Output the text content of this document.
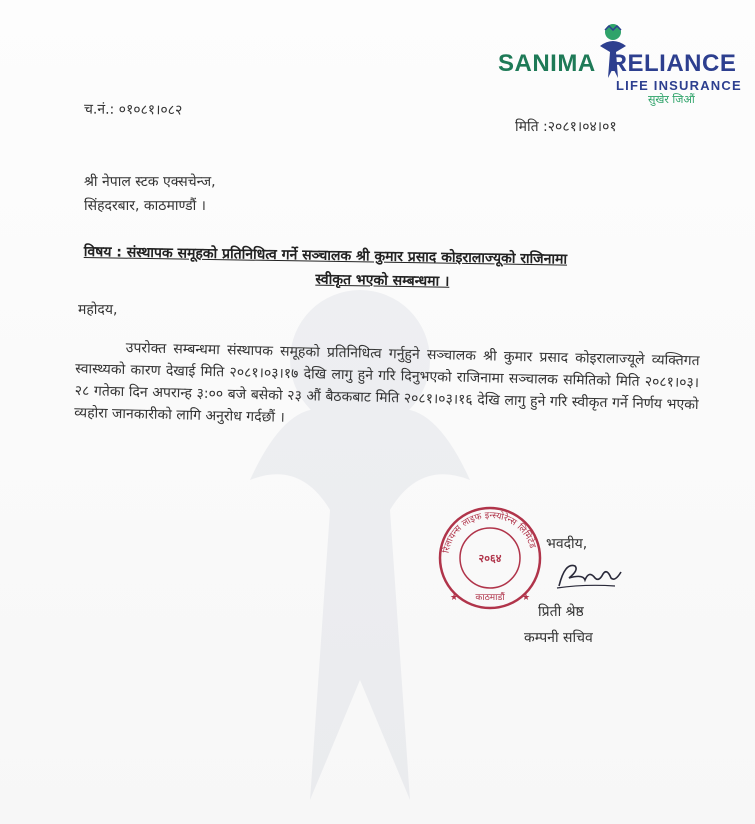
SANIMA RELIANCE
LIFE INSURANCE
सुखेर जिऔं
च.नं.: ०१०८१।०८२
मिति :२०८१।०४।०१
श्री नेपाल स्टक एक्सचेन्ज,
सिंहदरबार, काठमाण्डौं ।
विषय : संस्थापक समूहको प्रतिनिधित्व गर्ने सञ्चालक श्री कुमार प्रसाद कोइरालाज्यूको राजिनामा
स्वीकृत भएको सम्बन्धमा ।
महोदय,

उपरोक्त सम्बन्धमा संस्थापक समूहको प्रतिनिधित्व गर्नुहुने सञ्चालक श्री कुमार प्रसाद कोइरालाज्यूले व्यक्तिगत स्वास्थ्यको कारण देखाई मिति २०८१।०३।१७ देखि लागु हुने गरि दिनुभएको राजिनामा सञ्चालक समितिको मिति २०८१।०३।२८ गतेका दिन अपरान्ह ३:०० बजे बसेको २३ औं बैठकबाट मिति २०८१।०३।१६ देखि लागु हुने गरि स्वीकृत गर्ने निर्णय भएको व्यहोरा जानकारीको लागि अनुरोध गर्दछौं ।

रिलायन्स लाइफ इन्स्योरेन्स लिमिटेड
२०६४
काठमाडौं
★	★
भवदीय,
प्रिती श्रेष्ठ
कम्पनी सचिव
